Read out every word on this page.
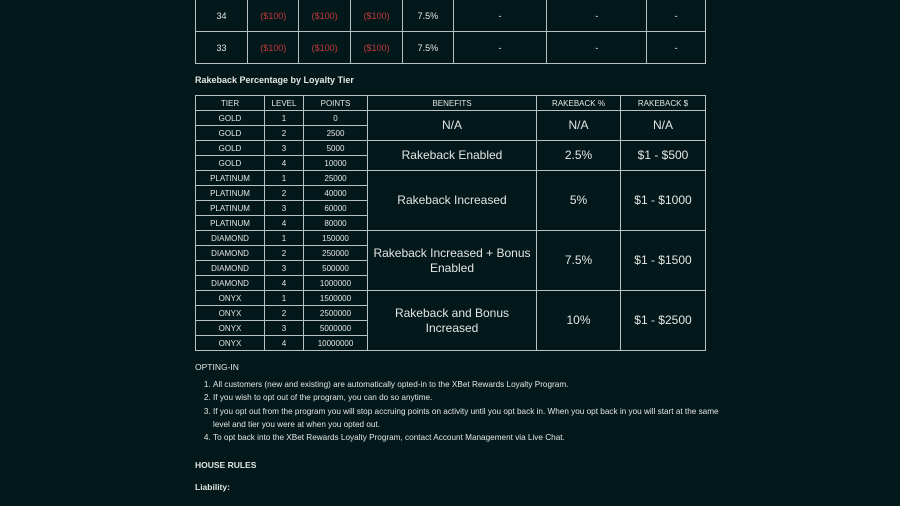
34	($100)	($100)	($100)	7.5%	-	-	-
33	($100)	($100)	($100)	7.5%	-	-	-
Rakeback Percentage by Loyalty Tier
TIER	LEVEL	POINTS	BENEFITS	RAKEBACK %	RAKEBACK $
GOLD	1	0	N/A	N/A	N/A
GOLD	2	2500			
GOLD	3	5000	Rakeback Enabled	2.5%	$1 - $500
GOLD	4	10000			
PLATINUM	1	25000	Rakeback Increased	5%	$1 - $1000
PLATINUM	2	40000			
PLATINUM	3	60000			
PLATINUM	4	80000			
DIAMOND	1	150000	Rakeback Increased + Bonus Enabled	7.5%	$1 - $1500
DIAMOND	2	250000			
DIAMOND	3	500000			
DIAMOND	4	1000000			
ONYX	1	1500000	Rakeback and Bonus Increased	10%	$1 - $2500
ONYX	2	2500000			
ONYX	3	5000000			
ONYX	4	10000000			
OPTING-IN
1. All customers (new and existing) are automatically opted-in to the XBet Rewards Loyalty Program.
2. If you wish to opt out of the program, you can do so anytime.
3. If you opt out from the program you will stop accruing points on activity until you opt back in. When you opt back in you will start at the same level and tier you were at when you opted out.
4. To opt back into the XBet Rewards Loyalty Program, contact Account Management via Live Chat.
HOUSE RULES
Liability:
